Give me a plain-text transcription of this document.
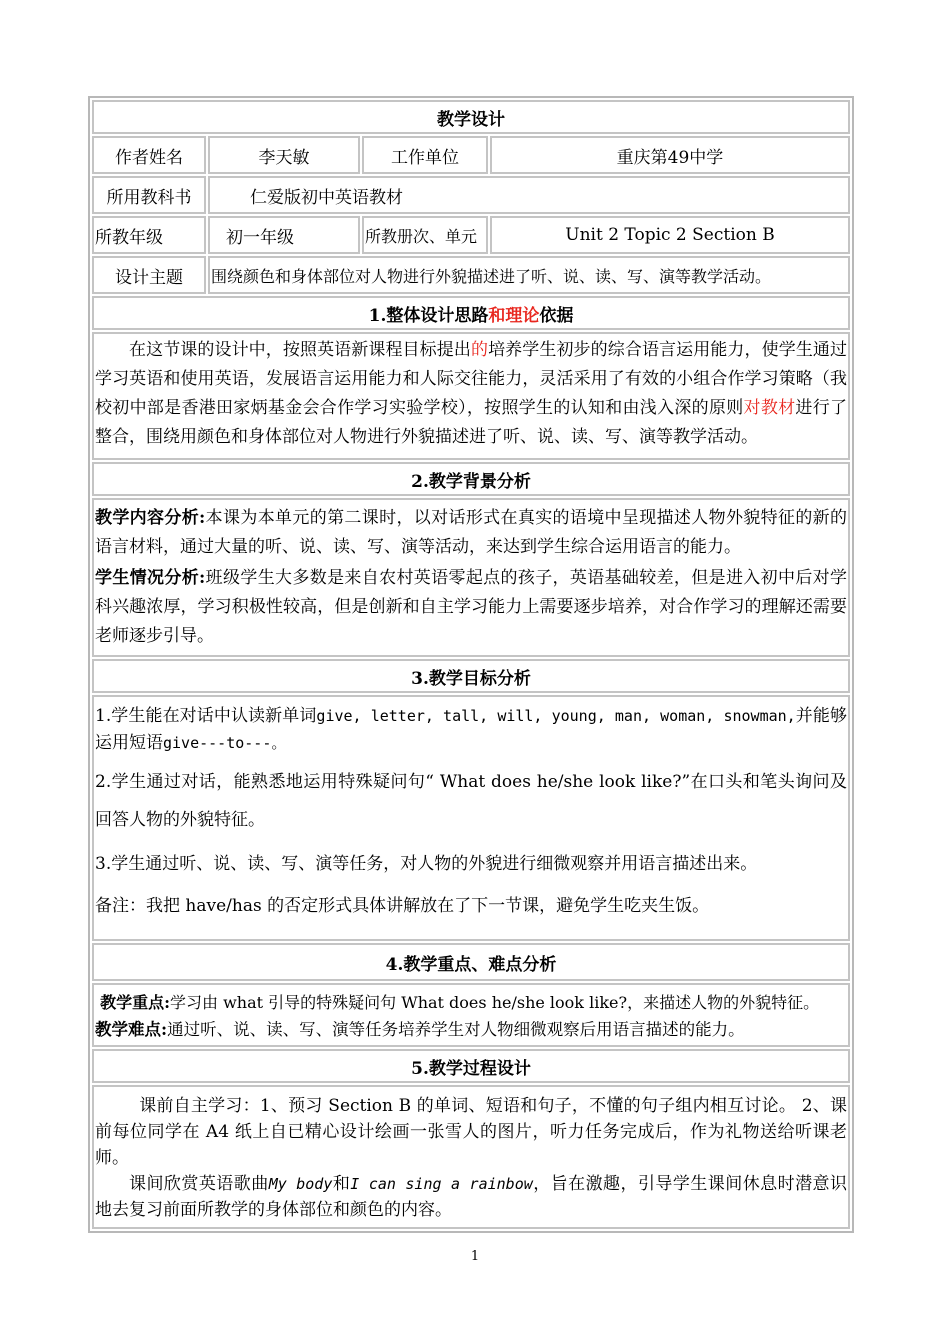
教学设计			
作者姓名	李天敏	工作单位	重庆第49中学
所用教科书	仁爱版初中英语教材		
所教年级	初一年级	所教册次、单元	Unit 2 Topic 2 Section B
设计主题	围绕颜色和身体部位对人物进行外貌描述进了听、说、读、写、演等教学活动。		
1.整体设计思路和理论依据			

在这节课的设计中，按照英语新课程目标提出的培养学生初步的综合语言运用能力，使学生通过学习英语和使用英语，发展语言运用能力和人际交往能力，灵活采用了有效的小组合作学习策略（我校初中部是香港田家炳基金会合作学习实验学校），按照学生的认知和由浅入深的原则对教材进行了整合，围绕用颜色和身体部位对人物进行外貌描述进了听、说、读、写、演等教学活动。			

2.教学背景分析			

教学内容分析:本课为本单元的第二课时，以对话形式在真实的语境中呈现描述人物外貌特征的新的语言材料，通过大量的听、说、读、写、演等活动，来达到学生综合运用语言的能力。
学生情况分析:班级学生大多数是来自农村英语零起点的孩子，英语基础较差，但是进入初中后对学科兴趣浓厚，学习积极性较高，但是创新和自主学习能力上需要逐步培养，对合作学习的理解还需要老师逐步引导。			

3.教学目标分析			

1.学生能在对话中认读新单词give, letter, tall, will, young, man, woman, snowman,并能够运用短语give---to---。
2.学生通过对话，能熟悉地运用特殊疑问句“ What does he/she look like?”在口头和笔头询问及回答人物的外貌特征。
3.学生通过听、说、读、写、演等任务，对人物的外貌进行细微观察并用语言描述出来。
备注：我把 have/has 的否定形式具体讲解放在了下一节课，避免学生吃夹生饭。			

4.教学重点、难点分析			

教学重点:学习由 what 引导的特殊疑问句 What does he/she look like?，来描述人物的外貌特征。
教学难点:通过听、说、读、写、演等任务培养学生对人物细微观察后用语言描述的能力。			

5.教学过程设计			

课前自主学习：1、预习 Section B 的单词、短语和句子，不懂的句子组内相互讨论。 2、课前每位同学在 A4 纸上自已精心设计绘画一张雪人的图片，听力任务完成后，作为礼物送给听课老师。
课间欣赏英语歌曲My body和I can sing a rainbow，旨在激趣，引导学生课间休息时潜意识地去复习前面所教学的身体部位和颜色的内容。			
1
